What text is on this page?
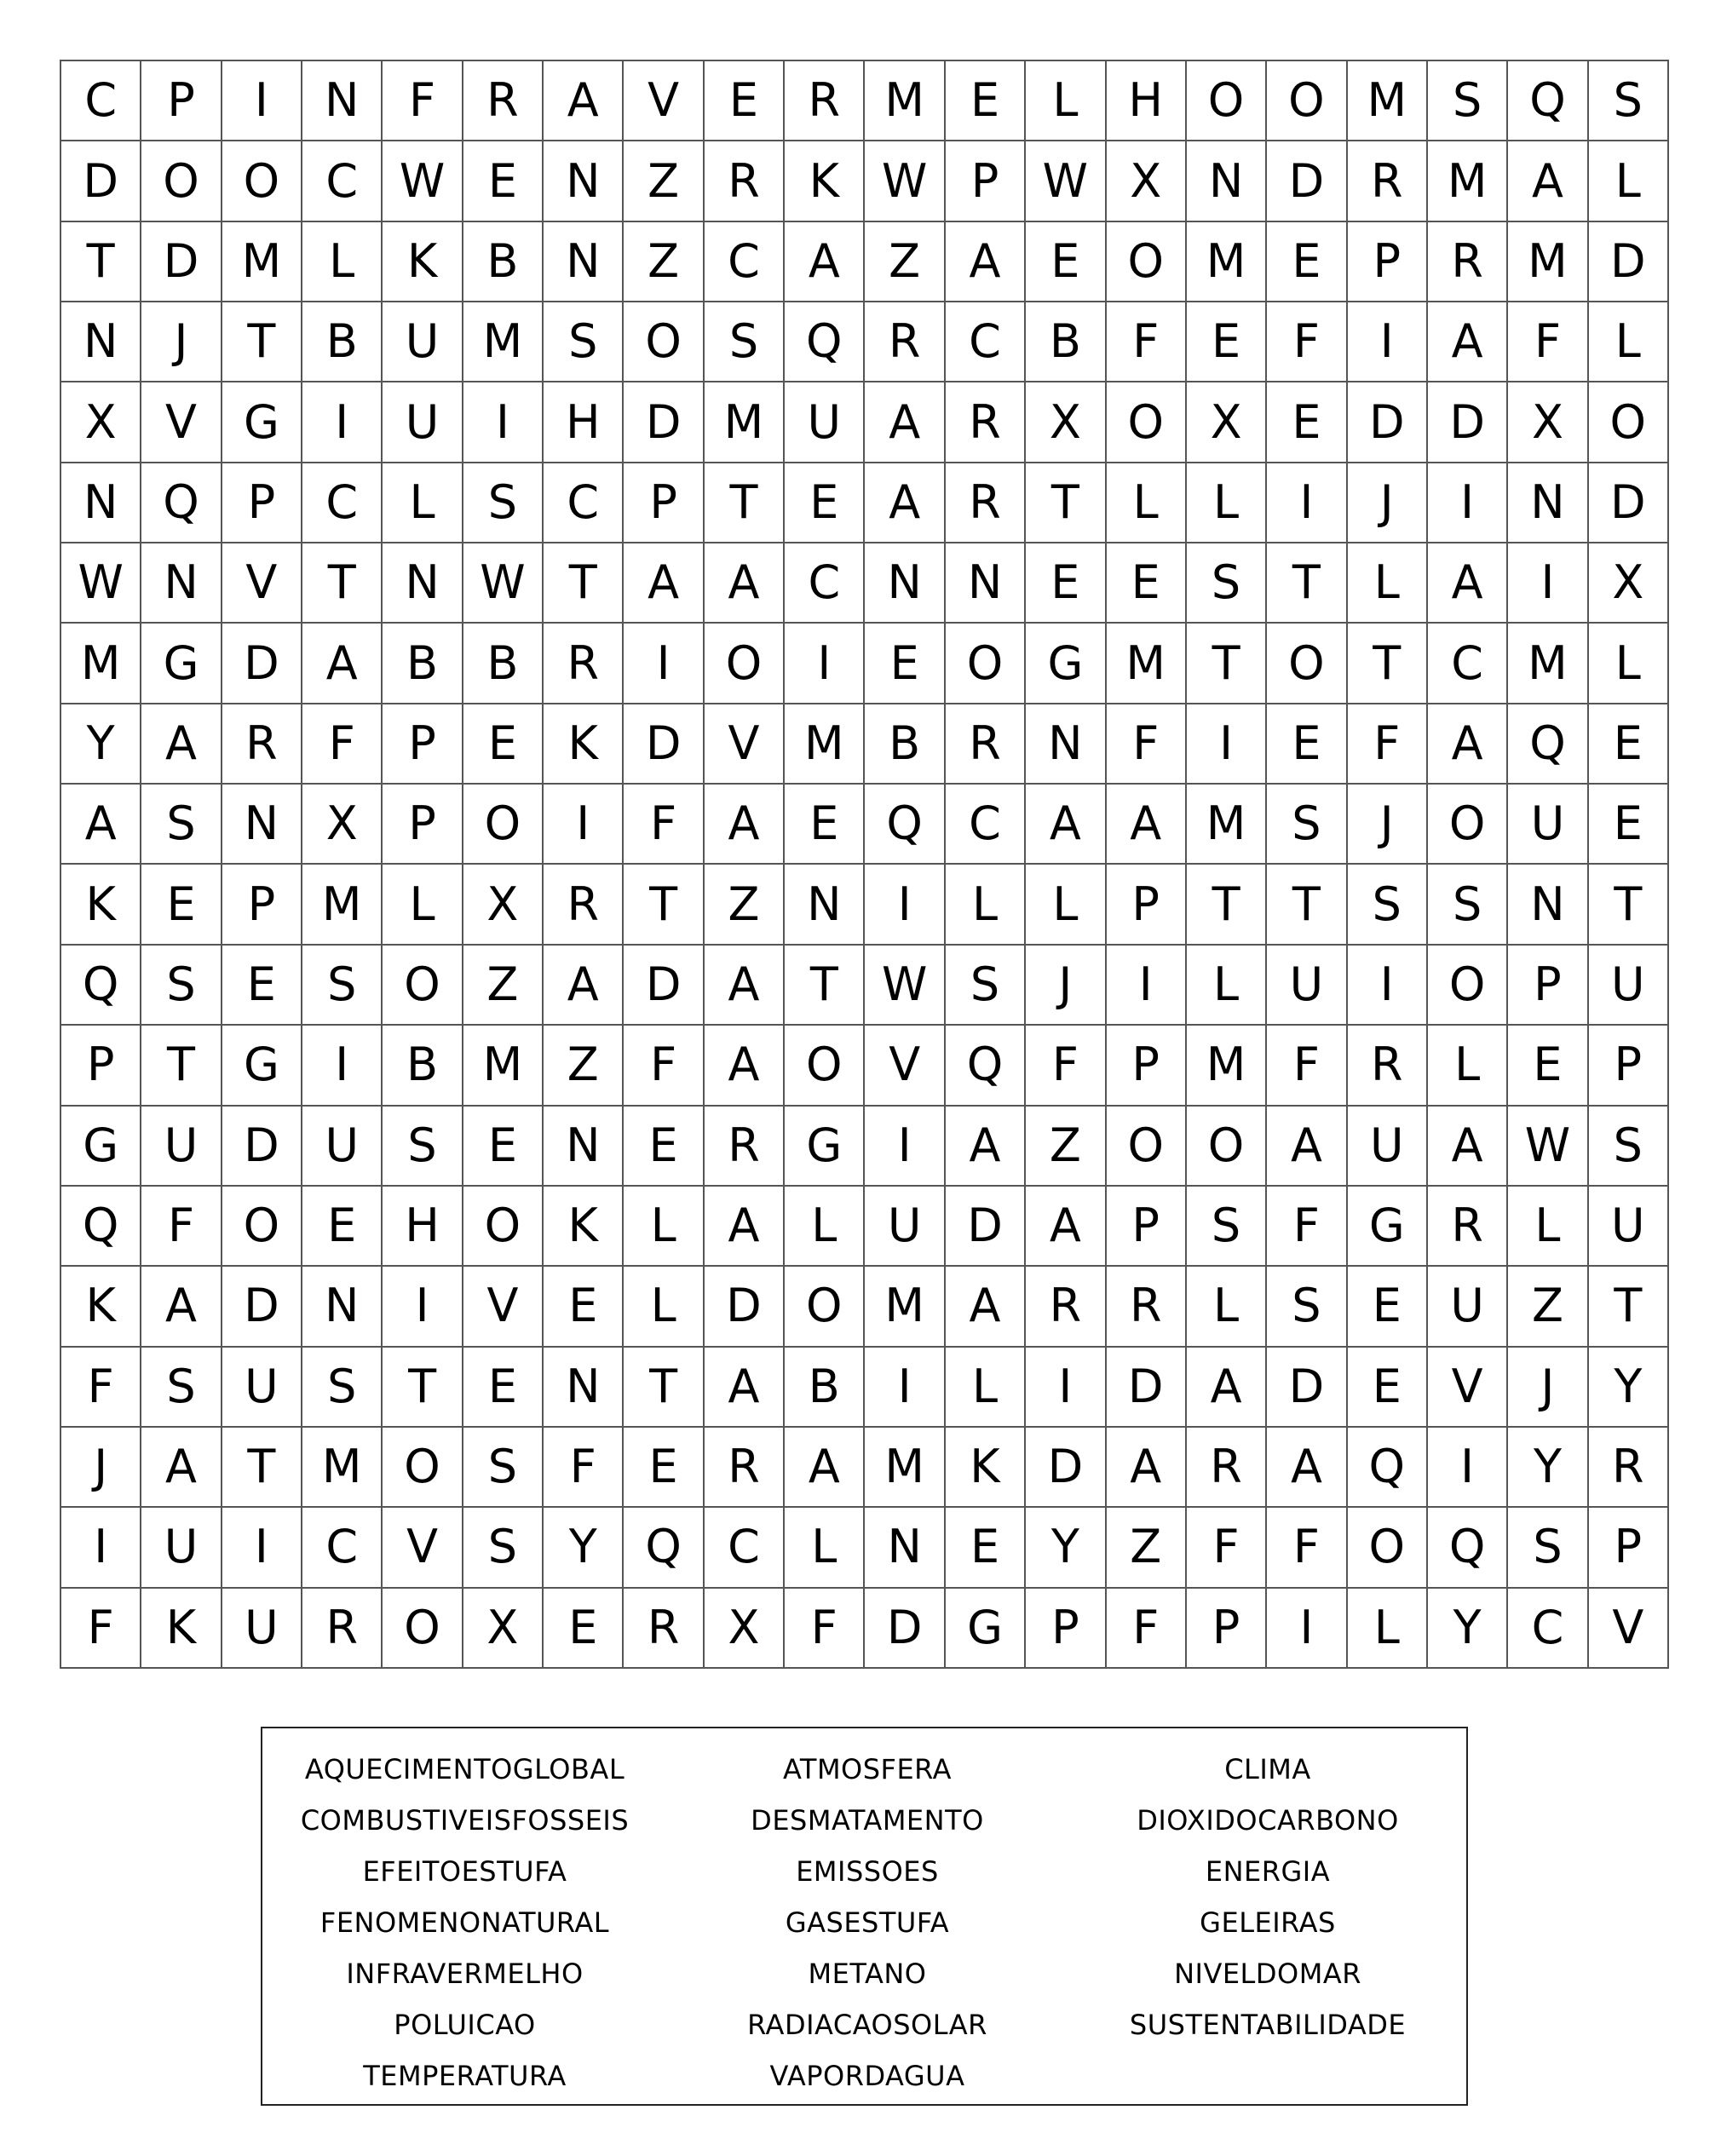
C	P	I	N	F	R	A	V	E	R M	E	L	H O O M S	Q	S
D O O	C W E	N	Z	R	K W P W X	N D	R M A	L
T	D M	L	K	B	N	Z	C	A	Z	A	E	O M E	P	R M D
N	J	T	B	U M S	O	S	Q	R	C	B	F	E	F	I	A	F	L
X	V	G	I	U	I	H D M U	A	R	X	O	X	E	D D	X	O
N Q	P	C	L	S	C	P	T	E	A	R	T	L	L	I	J	I	N D
W N	V	T	N W T	A	A	C	N N	E	E	S	T	L	A	I	X
M G D	A	B	B	R	I	O	I	E	O G M	T	O	T	C M	L
Y	A	R	F	P	E	K	D	V M B	R	N	F	I	E	F	A	Q	E
A	S	N	X	P	O	I	F	A	E	Q	C	A	A M S	J	O U	E
K	E	P	M	L	X	R	T	Z	N	I	L	L	P	T	T	S	S	N	T
Q	S	E	S	O	Z	A	D	A	T W S	J	I	L	U	I	O	P	U
P	T	G	I	B M Z	F	A	O	V	Q	F	P	M	F	R	L	E	P
G U D U	S	E	N	E	R	G	I	A	Z	O O	A	U	A W S
Q	F	O	E	H O	K	L	A	L	U D	A	P	S	F	G	R	L	U
K	A	D N	I	V	E	L	D O M A	R	R	L	S	E	U	Z	T
F	S	U	S	T	E	N	T	A	B	I	L	I	D	A	D	E	V	J	Y
J	A	T	M O	S	F	E	R	A M K	D	A	R	A	Q	I	Y	R
I	U	I	C	V	S	Y	Q	C	L	N	E	Y	Z	F	F	O Q	S	P
F	K	U	R	O	X	E	R	X	F	D G	P	F	P	I	L	Y	C	V
AQUECIMENTOGLOBAL	ATMOSFERA	CLIMA
COMBUSTIVEISFOSSEIS	DESMATAMENTO	DIOXIDOCARBONO
EFEITOESTUFA	EMISSOES	ENERGIA
FENOMENONATURAL	GASESTUFA	GELEIRAS
INFRAVERMELHO	METANO	NIVELDOMAR
POLUICAO	RADIACAOSOLAR	SUSTENTABILIDADE
TEMPERATURA	VAPORDAGUA
